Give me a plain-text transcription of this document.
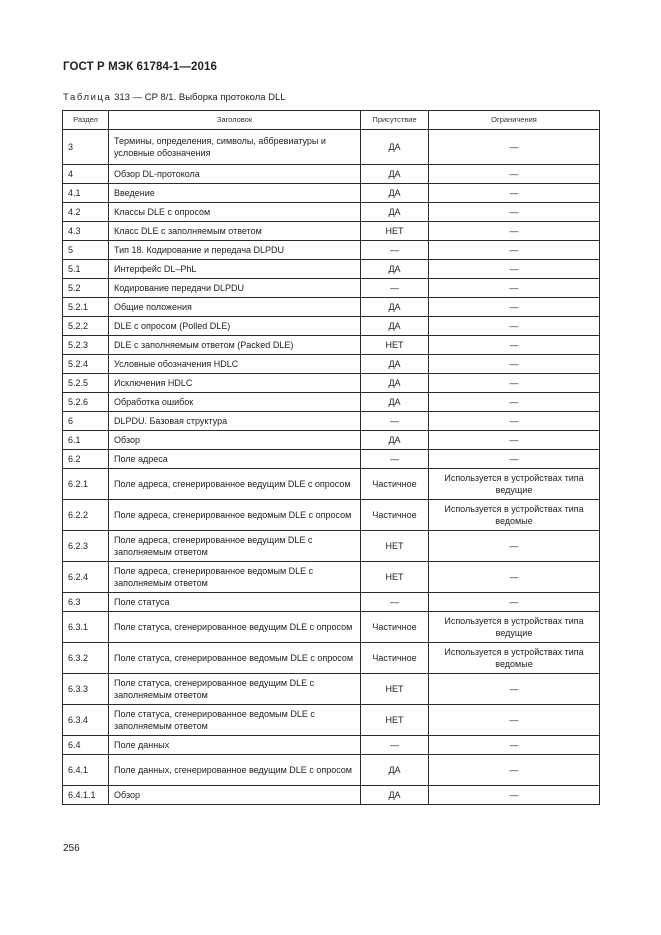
ГОСТ Р МЭК 61784-1—2016
Таблица 313 — CP 8/1. Выборка протокола DLL
Раздел	Заголовок	Присутствие	Ограничения
3	Термины, определения, символы, аббревиатуры и условные обозначения	ДА	—
4	Обзор DL-протокола	ДА	—
4.1	Введение	ДА	—
4.2	Классы DLE с опросом	ДА	—
4.3	Класс DLE с заполняемым ответом	НЕТ	—
5	Тип 18. Кодирование и передача DLPDU	—	—
5.1	Интерфейс DL–PhL	ДА	—
5.2	Кодирование передачи DLPDU	—	—
5.2.1	Общие положения	ДА	—
5.2.2	DLE с опросом (Polled DLE)	ДА	—
5.2.3	DLE с заполняемым ответом (Packed DLE)	НЕТ	—
5.2.4	Условные обозначения HDLC	ДА	—
5.2.5	Исключения HDLC	ДА	—
5.2.6	Обработка ошибок	ДА	—
6	DLPDU. Базовая структура	—	—
6.1	Обзор	ДА	—
6.2	Поле адреса	—	—
6.2.1	Поле адреса, сгенерированное ведущим DLE с опросом	Частичное	Используется в устройствах типа ведущие
6.2.2	Поле адреса, сгенерированное ведомым DLE с опросом	Частичное	Используется в устройствах типа ведомые
6.2.3	Поле адреса, сгенерированное ведущим DLE с заполняемым ответом	НЕТ	—
6.2.4	Поле адреса, сгенерированное ведомым DLE с заполняемым ответом	НЕТ	—
6.3	Поле статуса	—	—
6.3.1	Поле статуса, сгенерированное ведущим DLE с опросом	Частичное	Используется в устройствах типа ведущие
6.3.2	Поле статуса, сгенерированное ведомым DLE с опросом	Частичное	Используется в устройствах типа ведомые
6.3.3	Поле статуса, сгенерированное ведущим DLE с заполняемым ответом	НЕТ	—
6.3.4	Поле статуса, сгенерированное ведомым DLE с заполняемым ответом	НЕТ	—
6.4	Поле данных	—	—
6.4.1	Поле данных, сгенерированное ведущим DLE с опросом	ДА	—
6.4.1.1	Обзор	ДА	—
256
